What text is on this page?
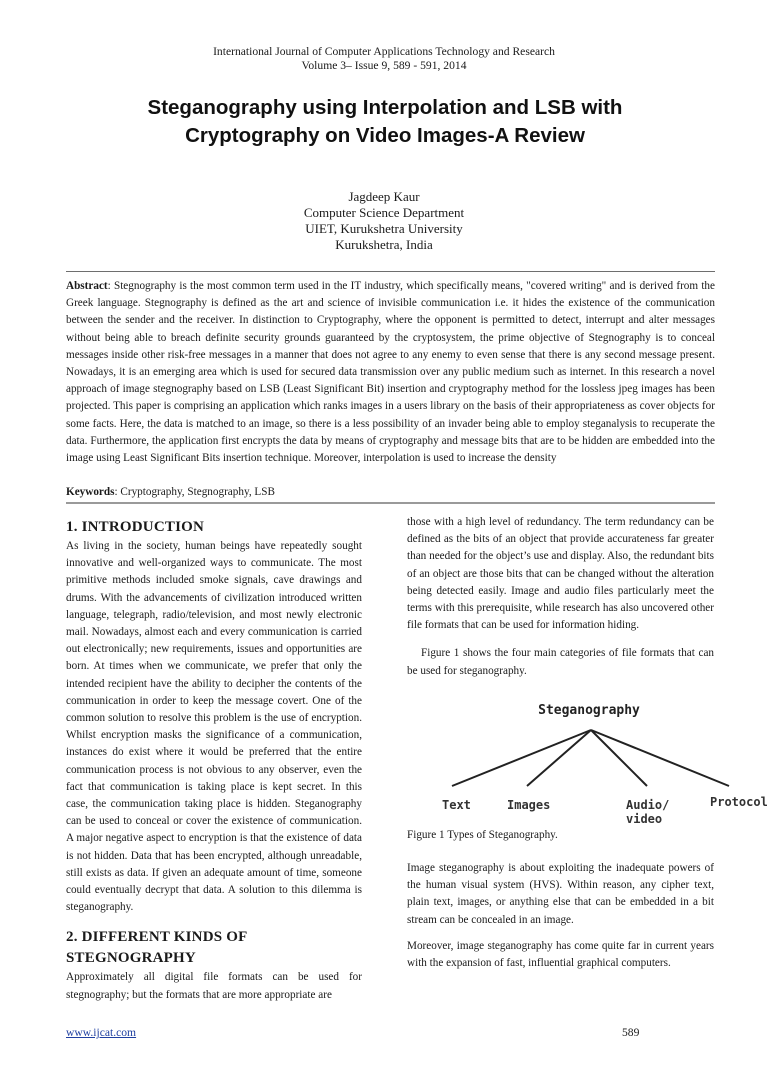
International Journal of Computer Applications Technology and Research
Volume 3– Issue 9, 589 - 591, 2014
Steganography using Interpolation and LSB with
Cryptography on Video Images-A Review
Jagdeep Kaur
Computer Science Department
UIET, Kurukshetra University
Kurukshetra, India
Abstract: Stegnography is the most common term used in the IT industry, which specifically means, "covered writing" and is derived from the Greek language. Stegnography is defined as the art and science of invisible communication i.e. it hides the existence of the communication between the sender and the receiver. In distinction to Cryptography, where the opponent is permitted to detect, interrupt and alter messages without being able to breach definite security grounds guaranteed by the cryptosystem, the prime objective of Stegnography is to conceal messages inside other risk-free messages in a manner that does not agree to any enemy to even sense that there is any second message present. Nowadays, it is an emerging area which is used for secured data transmission over any public medium such as internet. In this research a novel approach of image stegnography based on LSB (Least Significant Bit) insertion and cryptography method for the lossless jpeg images has been projected. This paper is comprising an application which ranks images in a users library on the basis of their appropriateness as cover objects for some facts. Here, the data is matched to an image, so there is a less possibility of an invader being able to employ steganalysis to recuperate the data. Furthermore, the application first encrypts the data by means of cryptography and message bits that are to be hidden are embedded into the image using Least Significant Bits insertion technique. Moreover, interpolation is used to increase the density
Keywords: Cryptography, Stegnography, LSB

1. INTRODUCTION

As living in the society, human beings have repeatedly sought innovative and well-organized ways to communicate. The most primitive methods included smoke signals, cave drawings and drums. With the advancements of civilization introduced written language, telegraph, radio/television, and most newly electronic mail. Nowadays, almost each and every communication is carried out electronically; new requirements, issues and opportunities are born. At times when we communicate, we prefer that only the intended recipient have the ability to decipher the contents of the communication in order to keep the message covert. One of the common solution to resolve this problem is the use of encryption. Whilst encryption masks the significance of a communication, instances do exist where it would be preferred that the entire communication process is not obvious to any observer, even the fact that communication is taking place is kept secret. In this case, the communication taking place is hidden. Steganography can be used to conceal or cover the existence of communication. A major negative aspect to encryption is that the existence of data is not hidden. Data that has been encrypted, although unreadable, still exists as data. If given an adequate amount of time, someone could eventually decrypt that data. A solution to this dilemma is steganography.

2. DIFFERENT KINDS OF

STEGNOGRAPHY

Approximately all digital file formats can be used for stegnography; but the formats that are more appropriate are

those with a high level of redundancy. The term redundancy can be defined as the bits of an object that provide accurateness far greater than needed for the object’s use and display. Also, the redundant bits of an object are those bits that can be changed without the alteration being detected easily. Image and audio files particularly meet the terms with this prerequisite, while research has also uncovered other file formats that can be used for information hiding.

Figure 1 shows the four main categories of file formats that can be used for steganography.

Steganography
Text	Images	Audio/
video
Protocol
Figure 1 Types of Steganography.

Image steganography is about exploiting the inadequate powers of the human visual system (HVS). Within reason, any cipher text, plain text, images, or anything else that can be embedded in a bit stream can be concealed in an image.

Moreover, image steganography has come quite far in current years with the expansion of fast, influential graphical computers.

www.ijcat.com	589
